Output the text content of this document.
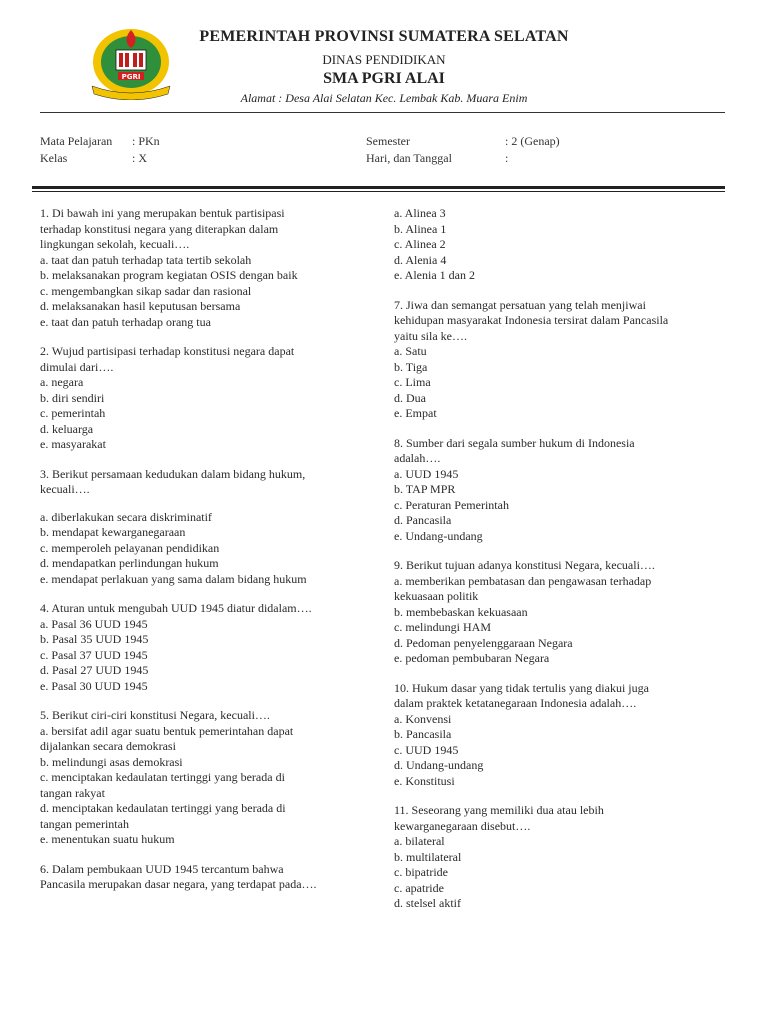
PGRI
PEMERINTAH PROVINSI SUMATERA SELATAN
DINAS PENDIDIKAN
SMA PGRI ALAI
Alamat : Desa Alai Selatan Kec. Lembak Kab. Muara Enim
Mata Pelajaran : PKn
Kelas	: X
Semester	: 2 (Genap)
Hari, dan Tanggal	:

1. Di bawah ini yang merupakan bentuk partisipasi

terhadap konstitusi negara yang diterapkan dalam

lingkungan sekolah, kecuali….

a. taat dan patuh terhadap tata tertib sekolah

b. melaksanakan program kegiatan OSIS dengan baik

c. mengembangkan sikap sadar dan rasional

d. melaksanakan hasil keputusan bersama

e. taat dan patuh terhadap orang tua

2. Wujud partisipasi terhadap konstitusi negara dapat

dimulai dari….

a. negara

b. diri sendiri

c. pemerintah

d. keluarga

e. masyarakat

3. Berikut persamaan kedudukan dalam bidang hukum,

kecuali….

a. diberlakukan secara diskriminatif

b. mendapat kewarganegaraan

c. memperoleh pelayanan pendidikan

d. mendapatkan perlindungan hukum

e. mendapat perlakuan yang sama dalam bidang hukum

4. Aturan untuk mengubah UUD 1945 diatur didalam….

a. Pasal 36 UUD 1945

b. Pasal 35 UUD 1945

c. Pasal 37 UUD 1945

d. Pasal 27 UUD 1945

e. Pasal 30 UUD 1945

5. Berikut ciri-ciri konstitusi Negara, kecuali….

a. bersifat adil agar suatu bentuk pemerintahan dapat

dijalankan secara demokrasi

b. melindungi asas demokrasi

c. menciptakan kedaulatan tertinggi yang berada di

tangan rakyat

d. menciptakan kedaulatan tertinggi yang berada di

tangan pemerintah

e. menentukan suatu hukum

6. Dalam pembukaan UUD 1945 tercantum bahwa

Pancasila merupakan dasar negara, yang terdapat pada….

a. Alinea 3

b. Alinea 1

c. Alinea 2

d. Alenia 4

e. Alenia 1 dan 2

7. Jiwa dan semangat persatuan yang telah menjiwai

kehidupan masyarakat Indonesia tersirat dalam Pancasila

yaitu sila ke….

a. Satu

b. Tiga

c. Lima

d. Dua

e. Empat

8. Sumber dari segala sumber hukum di Indonesia

adalah….

a. UUD 1945

b. TAP MPR

c. Peraturan Pemerintah

d. Pancasila

e. Undang-undang

9. Berikut tujuan adanya konstitusi Negara, kecuali….

a. memberikan pembatasan dan pengawasan terhadap

kekuasaan politik

b. membebaskan kekuasaan

c. melindungi HAM

d. Pedoman penyelenggaraan Negara

e. pedoman pembubaran Negara

10. Hukum dasar yang tidak tertulis yang diakui juga

dalam praktek ketatanegaraan Indonesia adalah….

a. Konvensi

b. Pancasila

c. UUD 1945

d. Undang-undang

e. Konstitusi

11. Seseorang yang memiliki dua atau lebih

kewarganegaraan disebut….

a. bilateral

b. multilateral

c. bipatride

c. apatride

d. stelsel aktif
